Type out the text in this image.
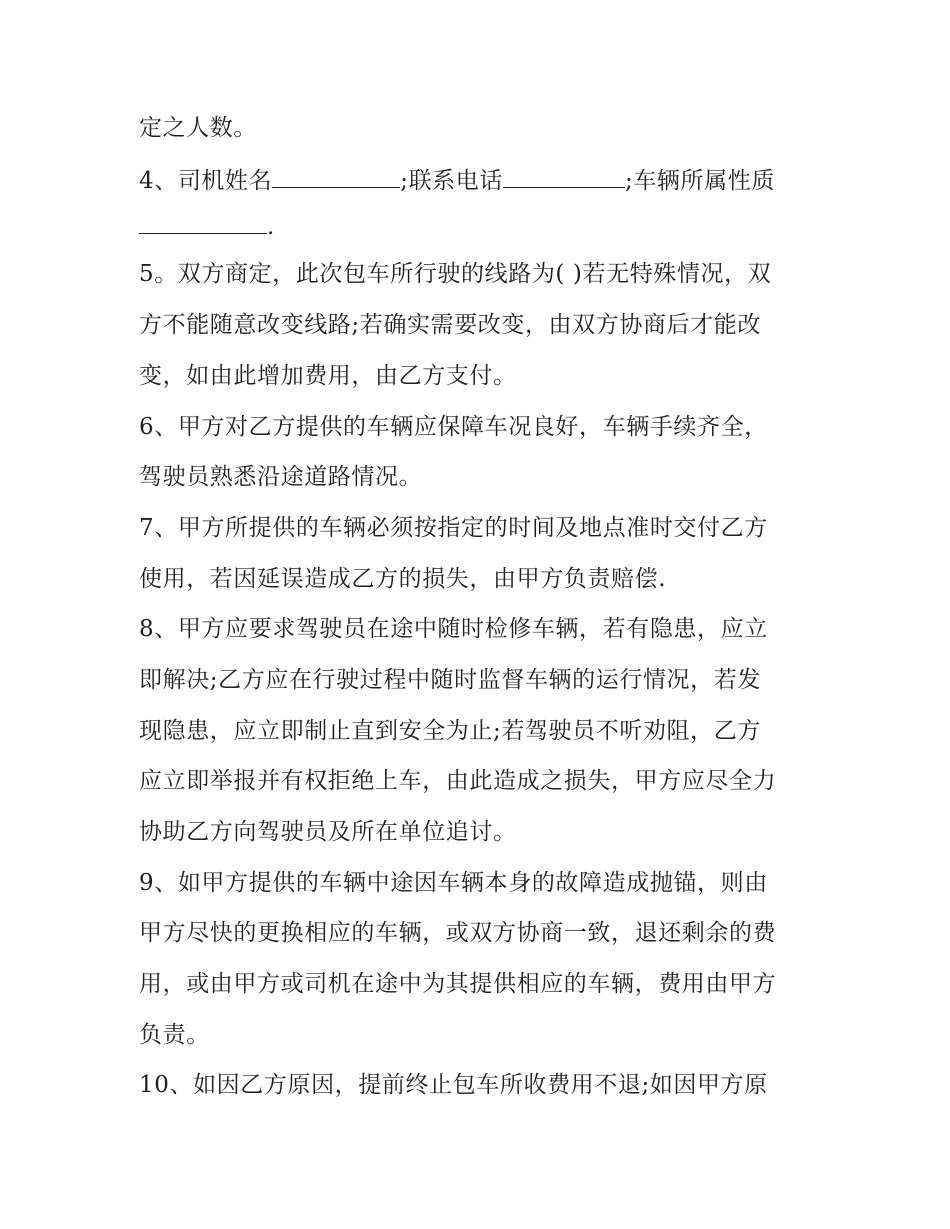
定之人数。
4、司机姓名	;联系电话	;车辆所属性质
.
5。双方商定，此次包车所行驶的线路为( )若无特殊情况，双
方不能随意改变线路;若确实需要改变，由双方协商后才能改
变，如由此增加费用，由乙方支付。
6、甲方对乙方提供的车辆应保障车况良好，车辆手续齐全，
驾驶员熟悉沿途道路情况。
7、甲方所提供的车辆必须按指定的时间及地点准时交付乙方
使用，若因延误造成乙方的损失，由甲方负责赔偿.
8、甲方应要求驾驶员在途中随时检修车辆，若有隐患，应立
即解决;乙方应在行驶过程中随时监督车辆的运行情况，若发
现隐患，应立即制止直到安全为止;若驾驶员不听劝阻，乙方
应立即举报并有权拒绝上车，由此造成之损失，甲方应尽全力
协助乙方向驾驶员及所在单位追讨。
9、如甲方提供的车辆中途因车辆本身的故障造成抛锚，则由
甲方尽快的更换相应的车辆，或双方协商一致，退还剩余的费
用，或由甲方或司机在途中为其提供相应的车辆，费用由甲方
负责。
10、如因乙方原因，提前终止包车所收费用不退;如因甲方原
